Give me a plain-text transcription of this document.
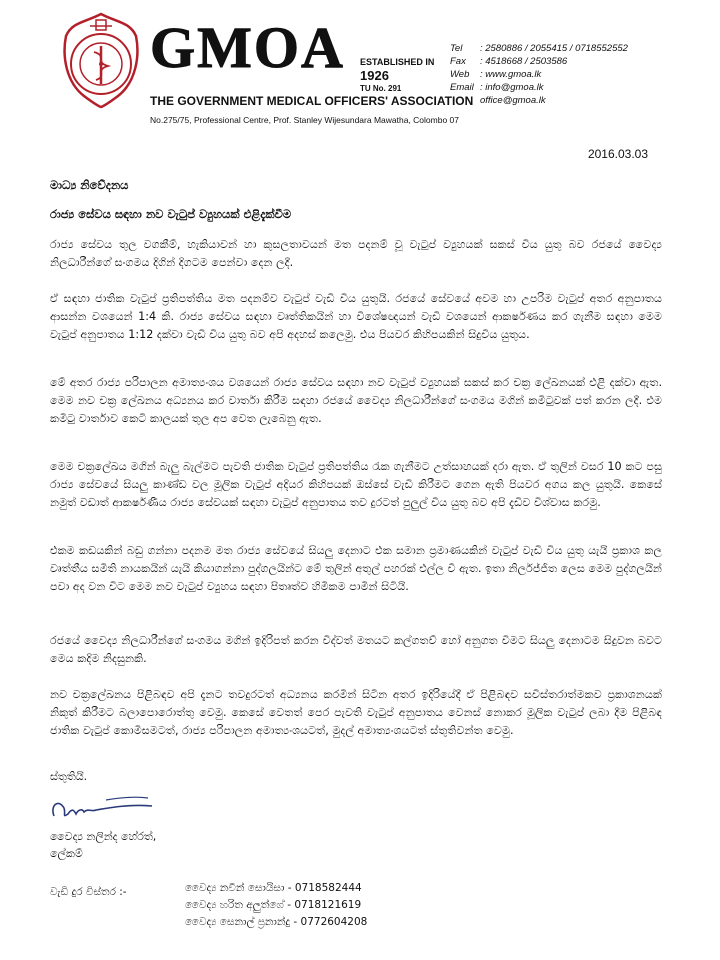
GMOA ESTABLISHED IN
1926
TU No. 291
THE GOVERNMENT MEDICAL OFFICERS' ASSOCIATION
No.275/75, Professional Centre, Prof. Stanley Wijesundara Mawatha, Colombo 07
Tel	: 2580886 / 2055415 / 0718552552
Fax	: 4518668 / 2503586
Web	: www.gmoa.lk
Email : info@gmoa.lk
office@gmoa.lk
2016.03.03
මාධ්‍ය නිවේදනය
රාජ්‍ය සේවය සඳහා නව වැටුප් ව්‍යුහයක් එළිදැක්වීම

රාජ්‍ය සේවය තුල වගකීම්, හැකියාවන් හා කුසලතාවයන් මත පදනම් වූ වැටුප් ව්‍යුහයක් සකස් විය යුතු බව රජයේ වෛද්‍ය නිලධාරීන්ගේ සංගමය දිගින් දිගටම පෙන්වා දෙන ලදී.

ඒ සඳහා ජාතික වැටුප් ප්‍රතිපත්තිය මත පදනම්ව වැටුප් වැඩි විය යුතුයි. රජයේ සේවයේ අවම හා උපරිම වැටුප් අතර අනුපාතය ආසන්න වශයෙන් 1:4 කි. රාජ්‍ය සේවය සඳහා වෘත්තිකයින් හා විශේෂඥයන් වැඩි වශයෙන් ආකර්ෂණය කර ගැනීම සඳහා මෙම වැටුප් අනුපාතය 1:12 දක්වා වැඩි විය යුතු බව අපි අදහස් කලෙමු. එය පියවර කිහිපයකින් සිදුවිය යුතුය.

මේ අතර රාජ්‍ය පරිපාලන අමාත්‍යංශය වශයෙන් රාජ්‍ය සේවය සඳහා නව වැටුප් ව්‍යුහයක් සකස් කර චක්‍ර ලේඛනයක් එළි දක්වා ඇත. මෙම නව චක්‍ර ලේඛනය අධ්‍යනය කර වාර්තා කිරීම සඳහා රජයේ වෛද්‍ය නිලධාරීන්ගේ සංගමය මගින් කමිටුවක් පත් කරන ලදී. එම කමිටු වාර්තාව කෙටි කාලයක් තුල අප වෙත ලැබෙනු ඇත.

මෙම චක්‍රලේඛය මගින් බැලු බැල්මට පැවති ජාතික වැටුප් ප්‍රතිපත්තිය රැක ගැනීමට උත්සාහයක් දරා ඇත. ඒ තුලින් වසර 10 කට පසු රාජ්‍ය සේවයේ සියලු කාණ්ඩ වල මූලික වැටුප් අදියර කිහිපයක් ඔස්සේ වැඩි කිරීමට ගෙන ඇති පියවර අගය කල යුතුයි. කෙසේ නමුත් වඩාත් ආකර්ෂණීය රාජ්‍ය සේවයක් සඳහා වැටුප් අනුපාතය තව දුරටත් පුලුල් විය යුතු බව අපි දැඩිව විශ්වාස කරමු.

එකම කඩයකින් බඩු ගන්නා පදනම මත රාජ්‍ය සේවයේ සියලු දෙනාට එක සමාන ප්‍රමාණයකින් වැටුප් වැඩි විය යුතු යැයි ප්‍රකාශ කල වෘත්තීය සමිති නායකයින් යැයි කියාගන්නා පුද්ගලයින්ට මේ තුලින් අතුල් පහරක් එල්ල වී ඇත. ඉතා නිර්ලජ්ජිත ලෙස මෙම පුද්ගලයින් පවා අද වන විට මෙම නව වැටුප් ව්‍යුහය සඳහා පිතෘත්ව හිමිකම පාමින් සිටියි.

රජයේ වෛද්‍ය නිලධාරීන්ගේ සංගමය මගින් ඉදිරිපත් කරන විද්වත් මතයට කල්ගතව් හෝ අනුගත විමට සියලු දෙනාටම සිදුවන බවට මෙය කදිම නිදසුනකි.

නව චක්‍රලේඛනය පිළිබඳව අපි දැනට තවදුරටත් අධ්‍යනය කරමින් සිටින අතර ඉදිරියේදී ඒ පිළිබඳව සවිස්තරාත්මකව ප්‍රකාශනයක් නිකුත් කිරීමට බලාපොරොත්තු වෙමු. කෙසේ වෙතත් පෙර පැවති වැටුප් අනුපාතය වෙනස් නොකර මූලික වැටුප් ලබා දීම පිළිබඳ ජාතික වැටුප් කොමිසමටත්, රාජ්‍ය පරිපාලන අමාත්‍යංශයටත්, මුදල් අමාත්‍යංශයටත් ස්තුතිවන්ත වෙමු.

ස්තුතියි.
වෛද්‍ය නලින්ද හේරත්,
ලේකම්
වැඩි දුර විස්තර :-	වෛද්‍ය නවීන් සොයිසා - 0718582444
වෛද්‍ය හරිත අලුත්ගේ - 0718121619
වෛද්‍ය සෙනාල් ප්‍රනාන්දු - 0772604208
